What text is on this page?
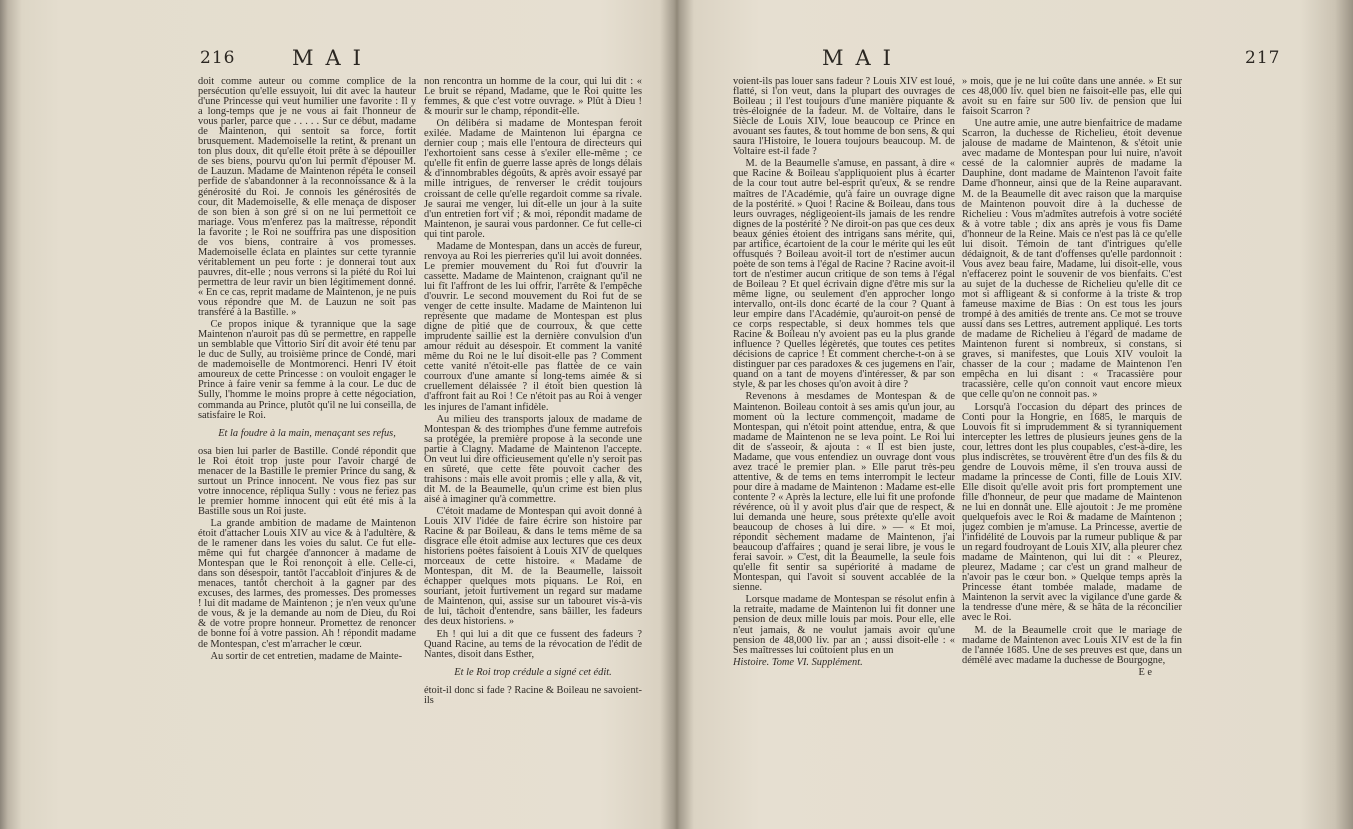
216	MAI

doit comme auteur ou comme complice de la persécution qu'elle essuyoit, lui dit avec la hauteur d'une Princesse qui veut humilier une favorite : Il y a long-temps que je ne vous ai fait l'honneur de vous parler, parce que . . . . . Sur ce début, madame de Maintenon, qui sentoit sa force, fortit brusquement. Mademoiselle la retint, & prenant un ton plus doux, dit qu'elle étoit prête à se dépouiller de ses biens, pourvu qu'on lui permît d'épouser M. de Lauzun. Madame de Maintenon répéta le conseil perfide de s'abandonner à la reconnoissance & à la générosité du Roi. Je connois les générosités de cour, dit Mademoiselle, & elle menaça de disposer de son bien à son gré si on ne lui permettoit ce mariage. Vous m'enferez pas la maîtresse, répondit la favorite ; le Roi ne souffrira pas une disposition de vos biens, contraire à vos promesses. Mademoiselle éclata en plaintes sur cette tyrannie véritablement un peu forte : je donnerai tout aux pauvres, dit-elle ; nous verrons si la piété du Roi lui permettra de leur ravir un bien légitimement donné. « En ce cas, reprit madame de Maintenon, je ne puis vous répondre que M. de Lauzun ne soit pas transféré à la Bastille. »

Ce propos inique & tyrannique que la sage Maintenon n'auroit pas dû se permettre, en rappelle un semblable que Vittorio Siri dit avoir été tenu par le duc de Sully, au troisième prince de Condé, mari de mademoiselle de Montmorenci. Henri IV étoit amoureux de cette Princesse : on vouloit engager le Prince à faire venir sa femme à la cour. Le duc de Sully, l'homme le moins propre à cette négociation, commanda au Prince, plutôt qu'il ne lui conseilla, de satisfaire le Roi.

Et la foudre à la main, menaçant ses refus,

osa bien lui parler de Bastille. Condé répondit que le Roi étoit trop juste pour l'avoir chargé de menacer de la Bastille le premier Prince du sang, & surtout un Prince innocent. Ne vous fiez pas sur votre innocence, répliqua Sully : vous ne feriez pas le premier homme innocent qui eût été mis à la Bastille sous un Roi juste.

La grande ambition de madame de Maintenon étoit d'attacher Louis XIV au vice & à l'adultère, & de le ramener dans les voies du salut. Ce fut elle-même qui fut chargée d'annoncer à madame de Montespan que le Roi renonçoit à elle. Celle-ci, dans son désespoir, tantôt l'accabloit d'injures & de menaces, tantôt cherchoit à la gagner par des excuses, des larmes, des promesses. Des promesses ! lui dit madame de Maintenon ; je n'en veux qu'une de vous, & je la demande au nom de Dieu, du Roi & de votre propre honneur. Promettez de renoncer de bonne foi à votre passion. Ah ! répondit madame de Montespan, c'est m'arracher le cœur.

Au sortir de cet entretien, madame de Mainte-

non rencontra un homme de la cour, qui lui dit : « Le bruit se répand, Madame, que le Roi quitte les femmes, & que c'est votre ouvrage. » Plût à Dieu ! & mourir sur le champ, répondit-elle.

On délibéra si madame de Montespan feroit exilée. Madame de Maintenon lui épargna ce dernier coup ; mais elle l'entoura de directeurs qui l'exhortoient sans cesse à s'exiler elle-même ; ce qu'elle fit enfin de guerre lasse après de longs délais & d'innombrables dégoûts, & après avoir essayé par mille intrigues, de renverser le crédit toujours croissant de celle qu'elle regardoit comme sa rivale. Je saurai me venger, lui dit-elle un jour à la suite d'un entretien fort vif ; & moi, répondit madame de Maintenon, je saurai vous pardonner. Ce fut celle-ci qui tint parole.

Madame de Montespan, dans un accès de fureur, renvoya au Roi les pierreries qu'il lui avoit données. Le premier mouvement du Roi fut d'ouvrir la cassette. Madame de Maintenon, craignant qu'il ne lui fît l'affront de les lui offrir, l'arrête & l'empêche d'ouvrir. Le second mouvement du Roi fut de se venger de cette insulte. Madame de Maintenon lui représente que madame de Montespan est plus digne de pitié que de courroux, & que cette imprudente saillie est la dernière convulsion d'un amour réduit au désespoir. Et comment la vanité même du Roi ne le lui disoit-elle pas ? Comment cette vanité n'étoit-elle pas flattée de ce vain courroux d'une amante si long-tems aimée & si cruellement délaissée ? il étoit bien question là d'affront fait au Roi ! Ce n'étoit pas au Roi à venger les injures de l'amant infidèle.

Au milieu des transports jaloux de madame de Montespan & des triomphes d'une femme autrefois sa protégée, la première propose à la seconde une partie à Clagny. Madame de Maintenon l'accepte. On veut lui dire officieusement qu'elle n'y seroit pas en sûreté, que cette fête pouvoit cacher des trahisons : mais elle avoit promis ; elle y alla, & vit, dit M. de la Beaumelle, qu'un crime est bien plus aisé à imaginer qu'à commettre.

C'étoit madame de Montespan qui avoit donné à Louis XIV l'idée de faire écrire son histoire par Racine & par Boileau, & dans le tems même de sa disgrace elle étoit admise aux lectures que ces deux historiens poètes faisoient à Louis XIV de quelques morceaux de cette histoire. « Madame de Montespan, dit M. de la Beaumelle, laissoit échapper quelques mots piquans. Le Roi, en souriant, jetoit furtivement un regard sur madame de Maintenon, qui, assise sur un tabouret vis-à-vis de lui, tâchoit d'entendre, sans bâiller, les fadeurs des deux historiens. »

Eh ! qui lui a dit que ce fussent des fadeurs ? Quand Racine, au tems de la révocation de l'édit de Nantes, disoit dans Esther,

Et le Roi trop crédule a signé cet édit.

étoit-il donc si fade ? Racine & Boileau ne savoient-ils

MAI	217

voient-ils pas louer sans fadeur ? Louis XIV est loué, flatté, si l'on veut, dans la plupart des ouvrages de Boileau ; il l'est toujours d'une manière piquante & très-éloignée de la fadeur. M. de Voltaire, dans le Siècle de Louis XIV, loue beaucoup ce Prince en avouant ses fautes, & tout homme de bon sens, & qui saura l'Histoire, le louera toujours beaucoup. M. de Voltaire est-il fade ?

M. de la Beaumelle s'amuse, en passant, à dire « que Racine & Boileau s'appliquoient plus à écarter de la cour tout autre bel-esprit qu'eux, & se rendre maîtres de l'Académie, qu'à faire un ouvrage digne de la postérité. » Quoi ! Racine & Boileau, dans tous leurs ouvrages, négligeoient-ils jamais de les rendre dignes de la postérité ? Ne diroit-on pas que ces deux beaux génies étoient des intrigans sans mérite, qui, par artifice, écartoient de la cour le mérite qui les eût offusqués ? Boileau avoit-il tort de n'estimer aucun poète de son tems à l'égal de Racine ? Racine avoit-il tort de n'estimer aucun critique de son tems à l'égal de Boileau ? Et quel écrivain digne d'être mis sur la même ligne, ou seulement d'en approcher longo intervallo, ont-ils donc écarté de la cour ? Quant à leur empire dans l'Académie, qu'auroit-on pensé de ce corps respectable, si deux hommes tels que Racine & Boileau n'y avoient pas eu la plus grande influence ? Quelles légèretés, que toutes ces petites décisions de caprice ! Et comment cherche-t-on à se distinguer par ces paradoxes & ces jugemens en l'air, quand on a tant de moyens d'intéresser, & par son style, & par les choses qu'on avoit à dire ?

Revenons à mesdames de Montespan & de Maintenon. Boileau contoit à ses amis qu'un jour, au moment où la lecture commençoit, madame de Montespan, qui n'étoit point attendue, entra, & que madame de Maintenon ne se leva point. Le Roi lui dit de s'asseoir, & ajouta : « Il est bien juste, Madame, que vous entendiez un ouvrage dont vous avez tracé le premier plan. » Elle parut très-peu attentive, & de tems en tems interrompit le lecteur pour dire à madame de Maintenon : Madame est-elle contente ? « Après la lecture, elle lui fit une profonde révérence, où il y avoit plus d'air que de respect, & lui demanda une heure, sous prétexte qu'elle avoit beaucoup de choses à lui dire. » — « Et moi, répondit sèchement madame de Maintenon, j'ai beaucoup d'affaires ; quand je serai libre, je vous le ferai savoir. » C'est, dit la Beaumelle, la seule fois qu'elle fit sentir sa supériorité à madame de Montespan, qui l'avoit si souvent accablée de la sienne.

Lorsque madame de Montespan se résolut enfin à la retraite, madame de Maintenon lui fit donner une pension de deux mille louis par mois. Pour elle, elle n'eut jamais, & ne voulut jamais avoir qu'une pension de 48,000 liv. par an ; aussi disoit-elle : « Ses maîtresses lui coûtoient plus en un

Histoire. Tome VI. Supplément.

» mois, que je ne lui coûte dans une année. » Et sur ces 48,000 liv. quel bien ne faisoit-elle pas, elle qui avoit su en faire sur 500 liv. de pension que lui faisoit Scarron ?

Une autre amie, une autre bienfaitrice de madame Scarron, la duchesse de Richelieu, étoit devenue jalouse de madame de Maintenon, & s'étoit unie avec madame de Montespan pour lui nuire, n'avoit cessé de la calomnier auprès de madame la Dauphine, dont madame de Maintenon l'avoit faite Dame d'honneur, ainsi que de la Reine auparavant. M. de la Beaumelle dit avec raison que la marquise de Maintenon pouvoit dire à la duchesse de Richelieu : Vous m'admîtes autrefois à votre société & à votre table ; dix ans après je vous fis Dame d'honneur de la Reine. Mais ce n'est pas là ce qu'elle lui disoit. Témoin de tant d'intrigues qu'elle dédaignoit, & de tant d'offenses qu'elle pardonnoit : Vous avez beau faire, Madame, lui disoit-elle, vous n'effacerez point le souvenir de vos bienfaits. C'est au sujet de la duchesse de Richelieu qu'elle dit ce mot si affligeant & si conforme à la triste & trop fameuse maxime de Bias : On est tous les jours trompé à des amitiés de trente ans. Ce mot se trouve aussi dans ses Lettres, autrement appliqué. Les torts de madame de Richelieu à l'égard de madame de Maintenon furent si nombreux, si constans, si graves, si manifestes, que Louis XIV vouloit la chasser de la cour ; madame de Maintenon l'en empêcha en lui disant : « Tracassière pour tracassière, celle qu'on connoit vaut encore mieux que celle qu'on ne connoit pas. »

Lorsqu'à l'occasion du départ des princes de Conti pour la Hongrie, en 1685, le marquis de Louvois fit si imprudemment & si tyranniquement intercepter les lettres de plusieurs jeunes gens de la cour, lettres dont les plus coupables, c'est-à-dire, les plus indiscrètes, se trouvèrent être d'un des fils & du gendre de Louvois même, il s'en trouva aussi de madame la princesse de Conti, fille de Louis XIV. Elle disoit qu'elle avoit pris fort promptement une fille d'honneur, de peur que madame de Maintenon ne lui en donnât une. Elle ajoutoit : Je me promène quelquefois avec le Roi & madame de Maintenon ; jugez combien je m'amuse. La Princesse, avertie de l'infidélité de Louvois par la rumeur publique & par un regard foudroyant de Louis XIV, alla pleurer chez madame de Maintenon, qui lui dit : « Pleurez, pleurez, Madame ; car c'est un grand malheur de n'avoir pas le cœur bon. » Quelque temps après la Princesse étant tombée malade, madame de Maintenon la servit avec la vigilance d'une garde & la tendresse d'une mère, & se hâta de la réconcilier avec le Roi.

M. de la Beaumelle croit que le mariage de madame de Maintenon avec Louis XIV est de la fin de l'année 1685. Une de ses preuves est que, dans un démêlé avec madame la duchesse de Bourgogne,

E e
